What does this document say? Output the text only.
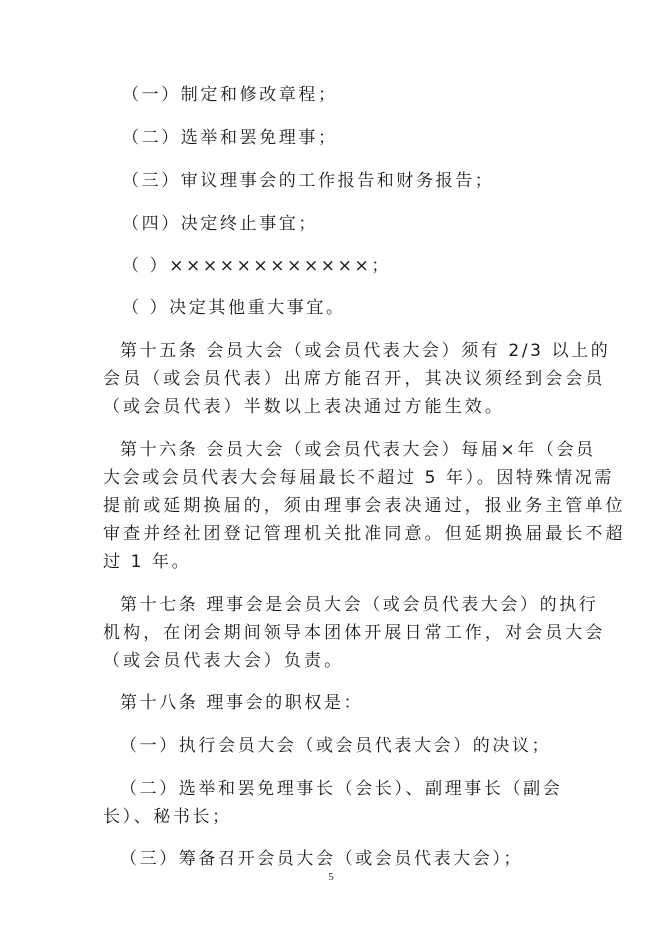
（一）制定和修改章程；
（二）选举和罢免理事；
（三）审议理事会的工作报告和财务报告；
（四）决定终止事宜；
（ ）××××××××××××；
（ ）决定其他重大事宜。
第十五条 会员大会（或会员代表大会）须有 2/3 以上的
会员（或会员代表）出席方能召开，其决议须经到会会员
（或会员代表）半数以上表决通过方能生效。
第十六条 会员大会（或会员代表大会）每届×年（会员
大会或会员代表大会每届最长不超过 5 年）。因特殊情况需
提前或延期换届的，须由理事会表决通过，报业务主管单位
审查并经社团登记管理机关批准同意。但延期换届最长不超
过 1 年。
第十七条 理事会是会员大会（或会员代表大会）的执行
机构，在闭会期间领导本团体开展日常工作，对会员大会
（或会员代表大会）负责。
第十八条 理事会的职权是：
（一）执行会员大会（或会员代表大会）的决议；
（二）选举和罢免理事长（会长）、副理事长（副会
长）、秘书长；
（三）筹备召开会员大会（或会员代表大会）；
5
